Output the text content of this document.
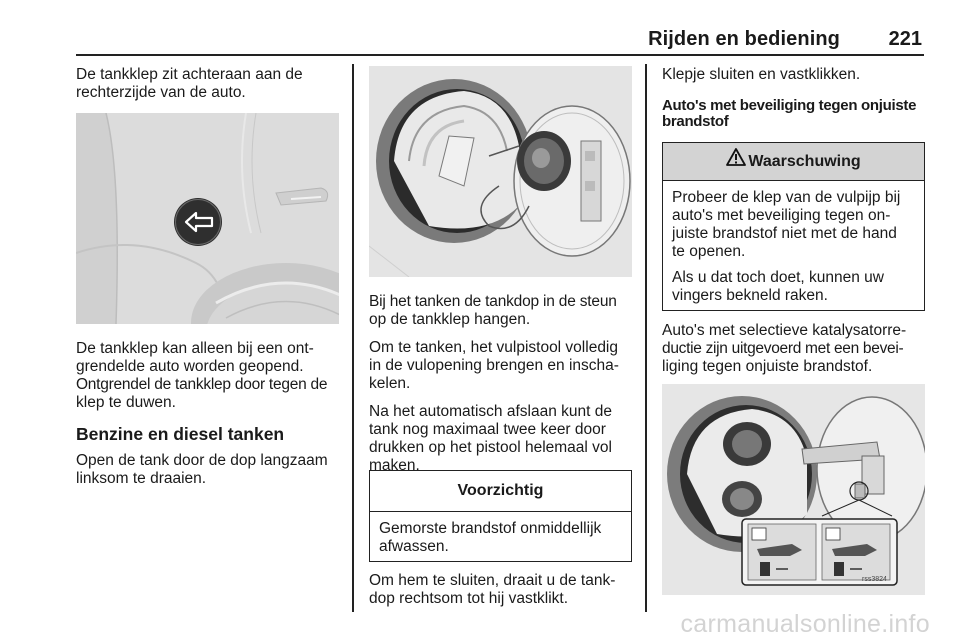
Rijden en bediening 221

De tankklep zit achteraan aan de

rechterzijde van de auto.

De tankklep kan alleen bij een ont-

grendelde auto worden geopend.

Ontgrendel de tankklep door tegen de

klep te duwen.

Benzine en diesel tanken

Open de tank door de dop langzaam

linksom te draaien.

Bij het tanken de tankdop in de steun

op de tankklep hangen.

Om te tanken, het vulpistool volledig

in de vulopening brengen en inscha-

kelen.

Na het automatisch afslaan kunt de

tank nog maximaal twee keer door

drukken op het pistool helemaal vol

maken.

Voorzichtig

Gemorste brandstof onmiddellijk

afwassen.

Om hem te sluiten, draait u de tank-

dop rechtsom tot hij vastklikt.

Klepje sluiten en vastklikken.

Auto's met beveiliging tegen onjuiste
brandstof
Waarschuwing

Probeer de klep van de vulpijp bij

auto's met beveiliging tegen on-

juiste brandstof niet met de hand

te openen.

Als u dat toch doet, kunnen uw

vingers bekneld raken.

Auto's met selectieve katalysatorre-

ductie zijn uitgevoerd met een bevei-

liging tegen onjuiste brandstof.

rss3824
carmanualsonline.info
